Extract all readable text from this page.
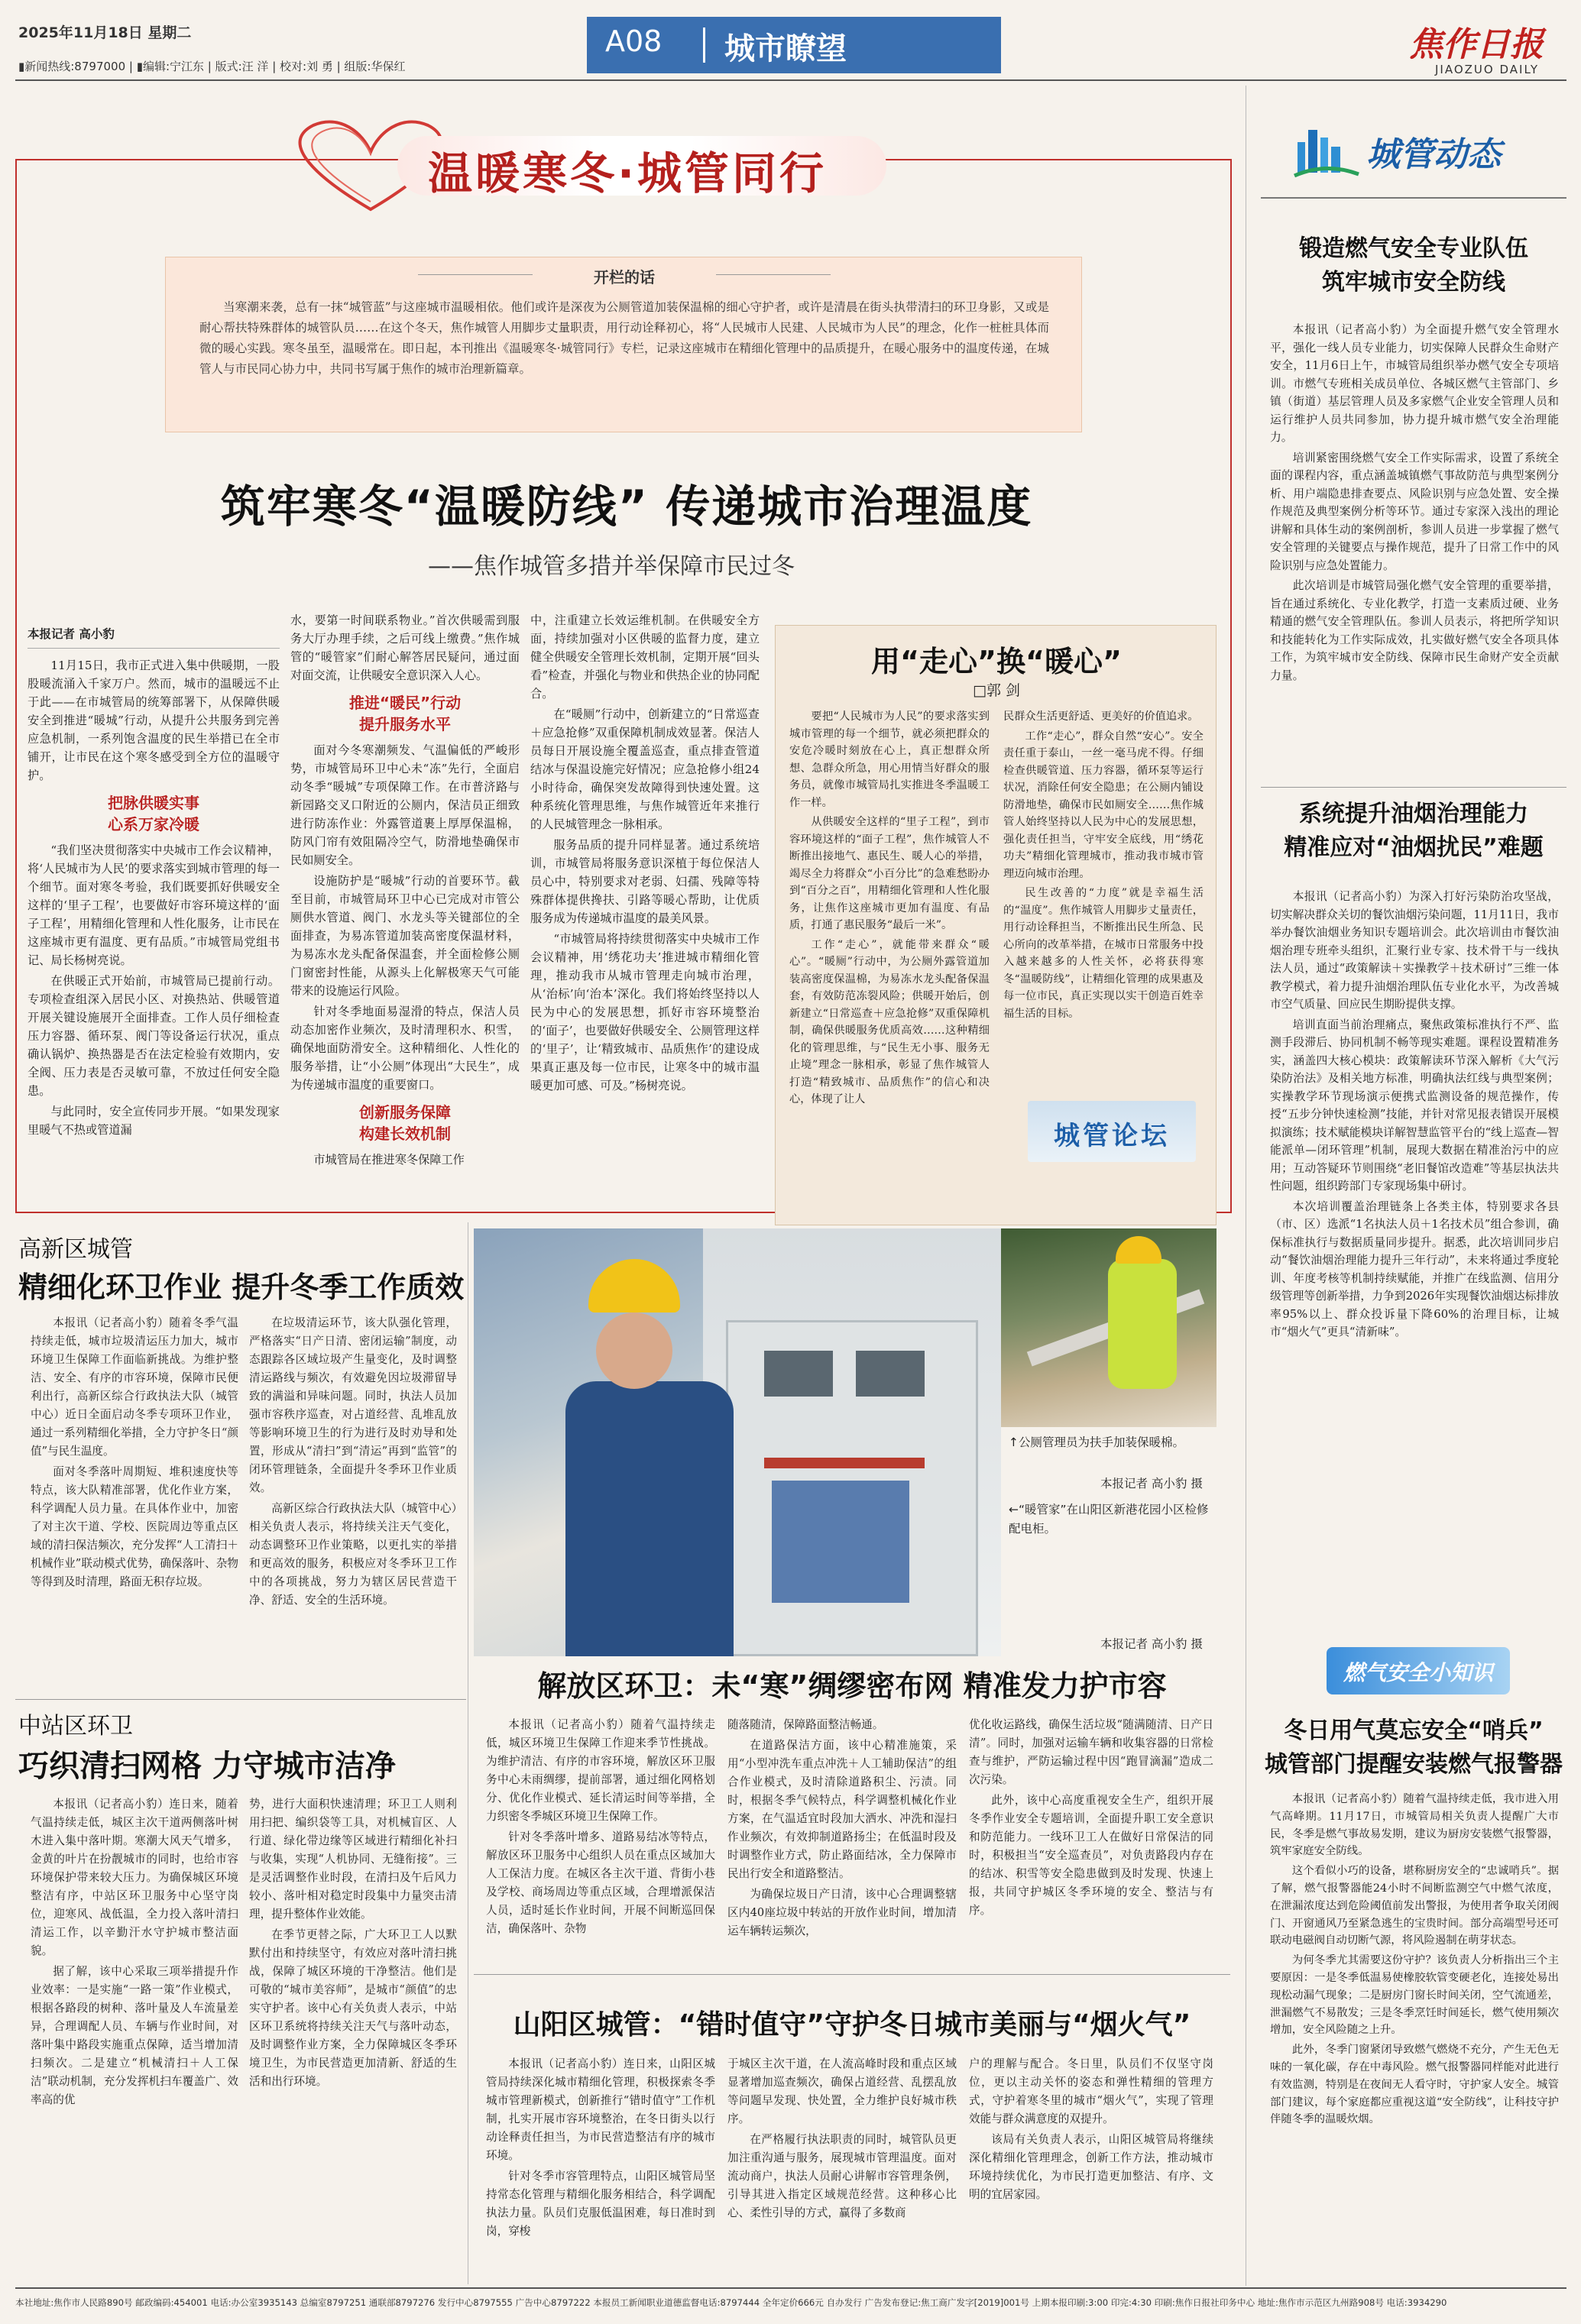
2025年11月18日 星期二
▮新闻热线:8797000 | ▮编辑:宁江东 | 版式:汪 洋 | 校对:刘 勇 | 组版:华保红
A08 城市瞭望	焦作日报
JIAOZUO DAILY
温暖寒冬·城管同行
开栏的话
当寒潮来袭，总有一抹“城管蓝”与这座城市温暖相依。他们或许是深夜为公厕管道加装保温棉的细心守护者，或许是清晨在街头执带清扫的环卫身影，又或是耐心帮扶特殊群体的城管队员……在这个冬天，焦作城管人用脚步丈量职责，用行动诠释初心，将“人民城市人民建、人民城市为人民”的理念，化作一桩桩具体而微的暖心实践。寒冬虽至，温暖常在。即日起，本刊推出《温暖寒冬·城管同行》专栏，记录这座城市在精细化管理中的品质提升，在暖心服务中的温度传递，在城管人与市民同心协力中，共同书写属于焦作的城市治理新篇章。
筑牢寒冬“温暖防线” 传递城市治理温度
——焦作城管多措并举保障市民过冬
本报记者 高小豹

11月15日，我市正式进入集中供暖期，一股股暖流涌入千家万户。然而，城市的温暖远不止于此——在市城管局的统筹部署下，从保障供暖安全到推进“暖城”行动，从提升公共服务到完善应急机制，一系列饱含温度的民生举措已在全市铺开，让市民在这个寒冬感受到全方位的温暖守护。

把脉供暖实事
心系万家冷暖

“我们坚决贯彻落实中央城市工作会议精神，将‘人民城市为人民’的要求落实到城市管理的每一个细节。面对寒冬考验，我们既要抓好供暖安全这样的‘里子工程’，也要做好市容环境这样的‘面子工程’，用精细化管理和人性化服务，让市民在这座城市更有温度、更有品质。”市城管局党组书记、局长杨树亮说。

在供暖正式开始前，市城管局已提前行动。专项检查组深入居民小区、对换热站、供暖管道开展关键设施展开全面排查。工作人员仔细检查压力容器、循环泵、阀门等设备运行状况，重点确认锅炉、换热器是否在法定检验有效期内，安全阀、压力表是否灵敏可靠，不放过任何安全隐患。

与此同时，安全宣传同步开展。“如果发现家里暖气不热或管道漏

水，要第一时间联系物业。”首次供暖需到服务大厅办理手续，之后可线上缴费。”焦作城管的“暖管家”们耐心解答居民疑问，通过面对面交流，让供暖安全意识深入人心。

推进“暖民”行动
提升服务水平

面对今冬寒潮频发、气温偏低的严峻形势，市城管局环卫中心未“冻”先行，全面启动冬季“暖城”专项保障工作。在市普济路与新园路交叉口附近的公厕内，保洁员正细致进行防冻作业：外露管道裹上厚厚保温棉，防风门帘有效阻隔冷空气，防滑地垫确保市民如厕安全。

设施防护是“暖城”行动的首要环节。截至目前，市城管局环卫中心已完成对市管公厕供水管道、阀门、水龙头等关键部位的全面排查，为易冻管道加装高密度保温材料，为易冻水龙头配备保温套，并全面检修公厕门窗密封性能，从源头上化解极寒天气可能带来的设施运行风险。

针对冬季地面易湿滑的特点，保洁人员动态加密作业频次，及时清理积水、积雪，确保地面防滑安全。这种精细化、人性化的服务举措，让“小公厕”体现出“大民生”，成为传递城市温度的重要窗口。

创新服务保障
构建长效机制

市城管局在推进寒冬保障工作

中，注重建立长效运维机制。在供暖安全方面，持续加强对小区供暖的监督力度，建立健全供暖安全管理长效机制，定期开展“回头看”检查，并强化与物业和供热企业的协同配合。

在“暖厕”行动中，创新建立的“日常巡查＋应急抢修”双重保障机制成效显著。保洁人员每日开展设施全覆盖巡查，重点排查管道结冰与保温设施完好情况；应急抢修小组24小时待命，确保突发故障得到快速处置。这种系统化管理思维，与焦作城管近年来推行的人民城管理念一脉相承。

服务品质的提升同样显著。通过系统培训，市城管局将服务意识深植于每位保洁人员心中，特别要求对老弱、妇孺、残障等特殊群体提供搀扶、引路等暖心帮助，让优质服务成为传递城市温度的最美风景。

“市城管局将持续贯彻落实中央城市工作会议精神，用‘绣花功夫’推进城市精细化管理，推动我市从城市管理走向城市治理，从‘治标’向‘治本’深化。我们将始终坚持以人民为中心的发展思想，抓好市容环境整治的‘面子’，也要做好供暖安全、公厕管理这样的‘里子’，让‘精致城市、品质焦作’的建设成果真正惠及每一位市民，让寒冬中的城市温暖更加可感、可及。”杨树亮说。

用“走心”换“暖心”
□郭 剑

要把“人民城市为人民”的要求落实到城市管理的每一个细节，就必须把群众的安危冷暖时刻放在心上，真正想群众所想、急群众所急，用心用情当好群众的服务员，就像市城管局扎实推进冬季温暖工作一样。

从供暖安全这样的“里子工程”，到市容环境这样的“面子工程”，焦作城管人不断推出接地气、惠民生、暖人心的举措，竭尽全力将群众“小百分比”的急难愁盼办到“百分之百”，用精细化管理和人性化服务，让焦作这座城市更加有温度、有品质，打通了惠民服务“最后一米”。

工作“走心”，就能带来群众“暖心”。“暖厕”行动中，为公厕外露管道加装高密度保温棉，为易冻水龙头配备保温套，有效防范冻裂风险；供暖开始后，创新建立“日常巡查＋应急抢修”双重保障机制，确保供暖服务优质高效……这种精细化的管理思维，与“民生无小事、服务无止境”理念一脉相承，彰显了焦作城管人打造“精致城市、品质焦作”的信心和决心，体现了让人

民群众生活更舒适、更美好的价值追求。

工作“走心”，群众自然“安心”。安全责任重于泰山，一丝一毫马虎不得。仔细检查供暖管道、压力容器，循环泵等运行状况，消除任何安全隐患；在公厕内铺设防滑地垫，确保市民如厕安全……焦作城管人始终坚持以人民为中心的发展思想，强化责任担当，守牢安全底线，用“绣花功夫”精细化管理城市，推动我市城市管理迈向城市治理。

民生改善的“力度”就是幸福生活的“温度”。焦作城管人用脚步丈量责任，用行动诠释担当，不断推出民生所急、民心所向的改革举措，在城市日常服务中投入越来越多的人性关怀，必将获得寒冬“温暖防线”，让精细化管理的成果惠及每一位市民，真正实现以实干创造百姓幸福生活的目标。

城管论坛
↑公厕管理员为扶手加装保暖棉。
本报记者 高小豹 摄
←“暖管家”在山阳区新港花园小区检修配电柜。
本报记者 高小豹 摄
高新区城管
精细化环卫作业 提升冬季工作质效

本报讯（记者高小豹）随着冬季气温持续走低，城市垃圾清运压力加大，城市环境卫生保障工作面临新挑战。为维护整洁、安全、有序的市容环境，保障市民便利出行，高新区综合行政执法大队（城管中心）近日全面启动冬季专项环卫作业，通过一系列精细化举措，全力守护冬日“颜值”与民生温度。

面对冬季落叶周期短、堆积速度快等特点，该大队精准部署，优化作业方案，科学调配人员力量。在具体作业中，加密了对主次干道、学校、医院周边等重点区域的清扫保洁频次，充分发挥“人工清扫＋机械作业”联动模式优势，确保落叶、杂物等得到及时清理，路面无积存垃圾。

在垃圾清运环节，该大队强化管理，严格落实“日产日清、密闭运输”制度，动态跟踪各区域垃圾产生量变化，及时调整清运路线与频次，有效避免因垃圾滞留导致的满溢和异味问题。同时，执法人员加强市容秩序巡查，对占道经营、乱堆乱放等影响环境卫生的行为进行及时劝导和处置，形成从“清扫”到“清运”再到“监管”的闭环管理链条，全面提升冬季环卫作业质效。

高新区综合行政执法大队（城管中心）相关负责人表示，将持续关注天气变化，动态调整环卫作业策略，以更扎实的举措和更高效的服务，积极应对冬季环卫工作中的各项挑战，努力为辖区居民营造干净、舒适、安全的生活环境。

中站区环卫
巧织清扫网格 力守城市洁净

本报讯（记者高小豹）连日来，随着气温持续走低，城区主次干道两侧落叶树木进入集中落叶期。寒潮大风天气增多，金黄的叶片在扮靓城市的同时，也给市容环境保护带来较大压力。为确保城区环境整洁有序，中站区环卫服务中心坚守岗位，迎寒风、战低温，全力投入落叶清扫清运工作，以辛勤汗水守护城市整洁面貌。

据了解，该中心采取三项举措提升作业效率：一是实施“一路一策”作业模式，根据各路段的树种、落叶量及人车流量差异，合理调配人员、车辆与作业时间，对落叶集中路段实施重点保障，适当增加清扫频次。二是建立“机械清扫＋人工保洁”联动机制，充分发挥机扫车覆盖广、效率高的优

势，进行大面积快速清理；环卫工人则利用扫把、编织袋等工具，对机械盲区、人行道、绿化带边缘等区域进行精细化补扫与收集，实现“人机协同、无缝衔接”。三是灵活调整作业时段，在清扫及午后风力较小、落叶相对稳定时段集中力量突击清理，提升整体作业效能。

在季节更替之际，广大环卫工人以默默付出和持续坚守，有效应对落叶清扫挑战，保障了城区环境的干净整洁。他们是可敬的“城市美容师”，是城市“颜值”的忠实守护者。该中心有关负责人表示，中站区环卫系统将持续关注天气与落叶动态，及时调整作业方案，全力保障城区冬季环境卫生，为市民营造更加清新、舒适的生活和出行环境。

解放区环卫：未“寒”绸缪密布网 精准发力护市容

本报讯（记者高小豹）随着气温持续走低，城区环境卫生保障工作迎来季节性挑战。为维护清洁、有序的市容环境，解放区环卫服务中心未雨绸缪，提前部署，通过细化网格划分、优化作业模式、延长清运时间等举措，全力织密冬季城区环境卫生保障工作。

针对冬季落叶增多、道路易结冰等特点，解放区环卫服务中心组织人员在重点区域加大人工保洁力度。在城区各主次干道、背街小巷及学校、商场周边等重点区域，合理增派保洁人员，适时延长作业时间，开展不间断巡回保洁，确保落叶、杂物

随落随清，保障路面整洁畅通。

在道路保洁方面，该中心精准施策，采用“小型冲洗车重点冲洗＋人工辅助保洁”的组合作业模式，及时清除道路积尘、污渍。同时，根据冬季气候特点，科学调整机械化作业方案，在气温适宜时段加大洒水、冲洗和湿扫作业频次，有效抑制道路扬尘；在低温时段及时调整作业方式，防止路面结冰，全力保障市民出行安全和道路整洁。

为确保垃圾日产日清，该中心合理调整辖区内40座垃圾中转站的开放作业时间，增加清运车辆转运频次，

优化收运路线，确保生活垃圾“随满随清、日产日清”。同时，加强对运输车辆和收集容器的日常检查与维护，严防运输过程中因“跑冒滴漏”造成二次污染。

此外，该中心高度重视安全生产，组织开展冬季作业安全专题培训，全面提升职工安全意识和防范能力。一线环卫工人在做好日常保洁的同时，积极担当“安全巡查员”，对负责路段内存在的结冰、积雪等安全隐患做到及时发现、快速上报，共同守护城区冬季环境的安全、整洁与有序。

山阳区城管：“错时值守”守护冬日城市美丽与“烟火气”

本报讯（记者高小豹）连日来，山阳区城管局持续深化城市精细化管理，积极探索冬季城市管理新模式，创新推行“错时值守”工作机制，扎实开展市容环境整治，在冬日街头以行动诠释责任担当，为市民营造整洁有序的城市环境。

针对冬季市容管理特点，山阳区城管局坚持常态化管理与精细化服务相结合，科学调配执法力量。队员们克服低温困难，每日准时到岗，穿梭

于城区主次干道，在人流高峰时段和重点区域显著增加巡查频次，确保占道经营、乱摆乱放等问题早发现、快处置，全力维护良好城市秩序。

在严格履行执法职责的同时，城管队员更加注重沟通与服务，展现城市管理温度。面对流动商户，执法人员耐心讲解市容管理条例，引导其进入指定区域规范经营。这种移心比心、柔性引导的方式，赢得了多数商

户的理解与配合。冬日里，队员们不仅坚守岗位，更以主动关怀的姿态和弹性精细的管理方式，守护着寒冬里的城市“烟火气”，实现了管理效能与群众满意度的双提升。

该局有关负责人表示，山阳区城管局将继续深化精细化管理理念，创新工作方法，推动城市环境持续优化，为市民打造更加整洁、有序、文明的宜居家园。

城管动态
锻造燃气安全专业队伍
筑牢城市安全防线

本报讯（记者高小豹）为全面提升燃气安全管理水平，强化一线人员专业能力，切实保障人民群众生命财产安全，11月6日上午，市城管局组织举办燃气安全专项培训。市燃气专班相关成员单位、各城区燃气主管部门、乡镇（街道）基层管理人员及多家燃气企业安全管理人员和运行维护人员共同参加，协力提升城市燃气安全治理能力。

培训紧密围绕燃气安全工作实际需求，设置了系统全面的课程内容，重点涵盖城镇燃气事故防范与典型案例分析、用户端隐患排查要点、风险识别与应急处置、安全操作规范及典型案例分析等环节。通过专家深入浅出的理论讲解和具体生动的案例剖析，参训人员进一步掌握了燃气安全管理的关键要点与操作规范，提升了日常工作中的风险识别与应急处置能力。

此次培训是市城管局强化燃气安全管理的重要举措，旨在通过系统化、专业化教学，打造一支素质过硬、业务精通的燃气安全管理队伍。参训人员表示，将把所学知识和技能转化为工作实际成效，扎实做好燃气安全各项具体工作，为筑牢城市安全防线、保障市民生命财产安全贡献力量。

系统提升油烟治理能力
精准应对“油烟扰民”难题

本报讯（记者高小豹）为深入打好污染防治攻坚战，切实解决群众关切的餐饮油烟污染问题，11月11日，我市举办餐饮油烟业务知识专题培训会。此次培训由市餐饮油烟治理专班牵头组织，汇聚行业专家、技术骨干与一线执法人员，通过“政策解读＋实操教学＋技术研讨”三维一体教学模式，着力提升油烟治理队伍专业化水平，为改善城市空气质量、回应民生期盼提供支撑。

培训直面当前治理痛点，聚焦政策标准执行不严、监测手段滞后、协同机制不畅等现实难题。课程设置精准务实，涵盖四大核心模块：政策解读环节深入解析《大气污染防治法》及相关地方标准，明确执法红线与典型案例；实操教学环节现场演示便携式监测设备的规范操作，传授“五步分钟快速检测”技能，并针对常见报表错误开展模拟演练；技术赋能模块详解智慧监管平台的“线上巡查—智能派单—闭环管理”机制，展现大数据在精准治污中的应用；互动答疑环节则围绕“老旧餐馆改造难”等基层执法共性问题，组织跨部门专家现场集中研讨。

本次培训覆盖治理链条上各类主体，特别要求各县（市、区）选派“1名执法人员＋1名技术员”组合参训，确保标准执行与数据质量同步提升。据悉，此次培训同步启动“餐饮油烟治理能力提升三年行动”，未来将通过季度轮训、年度考核等机制持续赋能，并推广在线监测、信用分级管理等创新举措，力争到2026年实现餐饮油烟达标排放率95%以上、群众投诉量下降60%的治理目标，让城市“烟火气”更具“清新味”。

燃气安全小知识
冬日用气莫忘安全“哨兵”
城管部门提醒安装燃气报警器

本报讯（记者高小豹）随着气温持续走低，我市进入用气高峰期。11月17日，市城管局相关负责人提醒广大市民，冬季是燃气事故易发期，建议为厨房安装燃气报警器，筑牢家庭安全防线。

这个看似小巧的设备，堪称厨房安全的“忠诚哨兵”。据了解，燃气报警器能24小时不间断监测空气中燃气浓度，在泄漏浓度达到危险阈值前发出警报，为使用者争取关闭阀门、开窗通风乃至紧急逃生的宝贵时间。部分高端型号还可联动电磁阀自动切断气源，将风险遏制在萌芽状态。

为何冬季尤其需要这份守护？该负责人分析指出三个主要原因：一是冬季低温易使橡胶软管变硬老化，连接处易出现松动漏气现象；二是厨房门窗长时间关闭，空气流通差，泄漏燃气不易散发；三是冬季烹饪时间延长，燃气使用频次增加，安全风险随之上升。

此外，冬季门窗紧闭导致燃气燃烧不充分，产生无色无味的一氧化碳，存在中毒风险。燃气报警器同样能对此进行有效监测，特别是在夜间无人看守时，守护家人安全。城管部门建议，每个家庭都应重视这道“安全防线”，让科技守护伴随冬季的温暖炊烟。

本社地址:焦作市人民路890号 邮政编码:454001 电话:办公室3935143 总编室8797251 通联部8797276 发行中心8797555 广告中心8797222 本报员工新闻职业道德监督电话:8797444 全年定价666元 自办发行 广告发布登记:焦工商广发字[2019]001号 上期本报印刷:3:00 印完:4:30 印刷:焦作日报社印务中心 地址:焦作市示范区九州路908号 电话:3934290
